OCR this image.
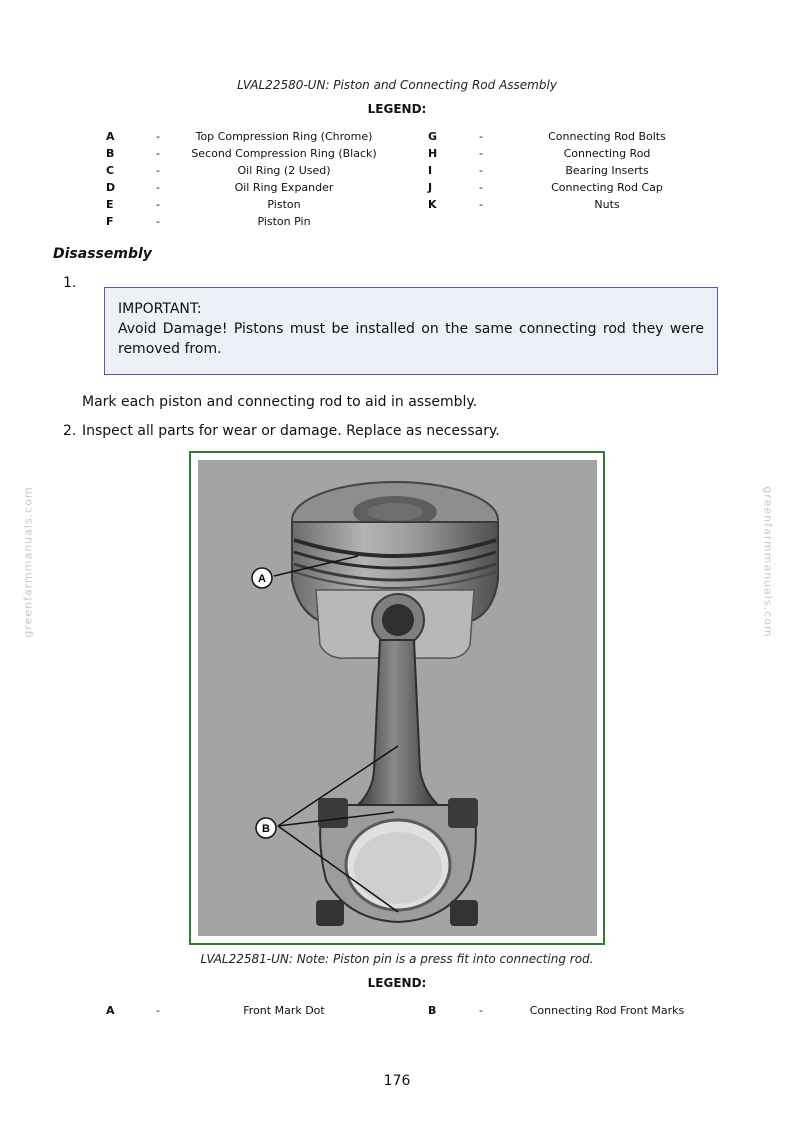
LVAL22580-UN: Piston and Connecting Rod Assembly
LEGEND:
A	-	Top Compression Ring (Chrome)	G	-	Connecting Rod Bolts
B	-	Second Compression Ring (Black)	H	-	Connecting Rod
C	-	Oil Ring (2 Used)	I	-	Bearing Inserts
D	-	Oil Ring Expander	J	-	Connecting Rod Cap
E	-	Piston	K	-	Nuts
F	-	Piston Pin
Disassembly
1.
IMPORTANT:
Avoid Damage! Pistons must be installed on the same connecting rod they were removed from.
Mark each piston and connecting rod to aid in assembly.
2. Inspect all parts for wear or damage. Replace as necessary.
A
B
LVAL22581-UN: Note: Piston pin is a press fit into connecting rod.
LEGEND:
A	-	Front Mark Dot	B	-	Connecting Rod Front Marks
greenfarmmanuals.com	greenfarmmanuals.com
176
